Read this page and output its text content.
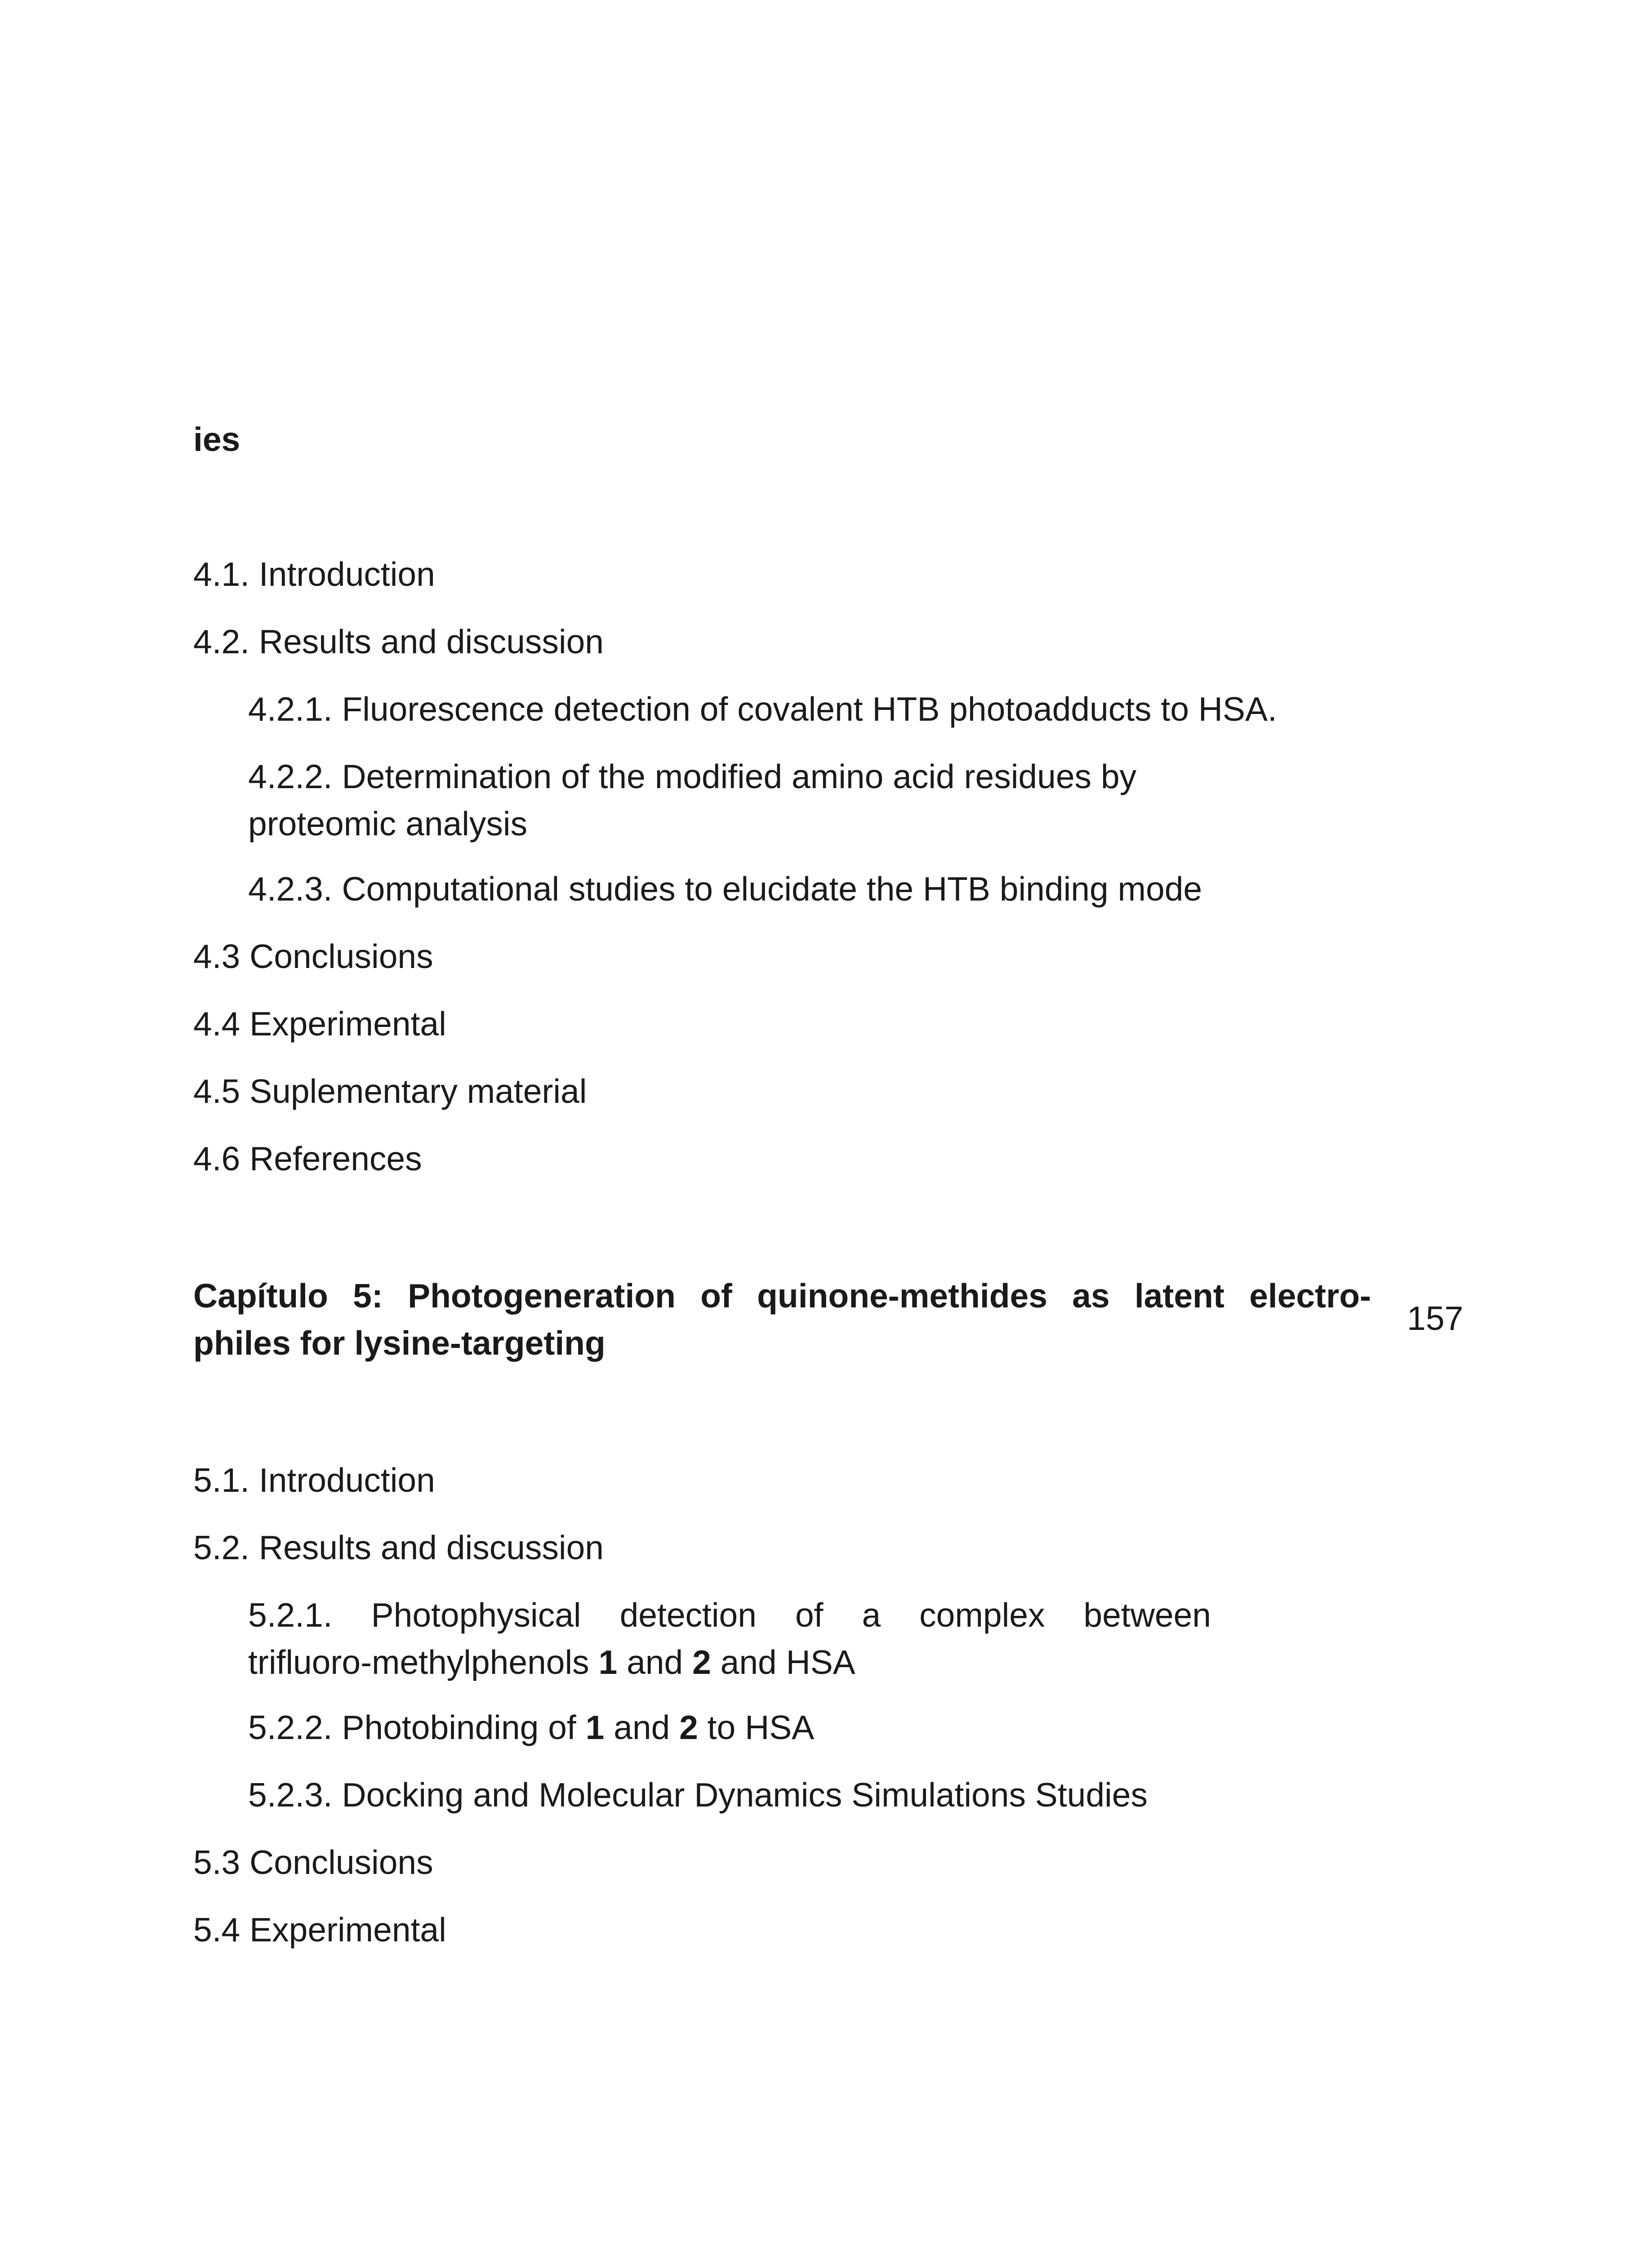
ies
4.1. Introduction
4.2. Results and discussion
4.2.1. Fluorescence detection of covalent HTB photoadducts to HSA.
4.2.2. Determination of the modified amino acid residues by proteomic analysis
4.2.3. Computational studies to elucidate the HTB binding mode
4.3 Conclusions
4.4 Experimental
4.5 Suplementary material
4.6 References
Capítulo 5: Photogeneration of quinone-methides as latent electro-
philes for lysine-targeting
157
5.1. Introduction
5.2. Results and discussion
5.2.1. Photophysical detection of a complex between
trifluoro-methylphenols 1 and 2 and HSA
5.2.2. Photobinding of 1 and 2 to HSA
5.2.3. Docking and Molecular Dynamics Simulations Studies
5.3 Conclusions
5.4 Experimental
